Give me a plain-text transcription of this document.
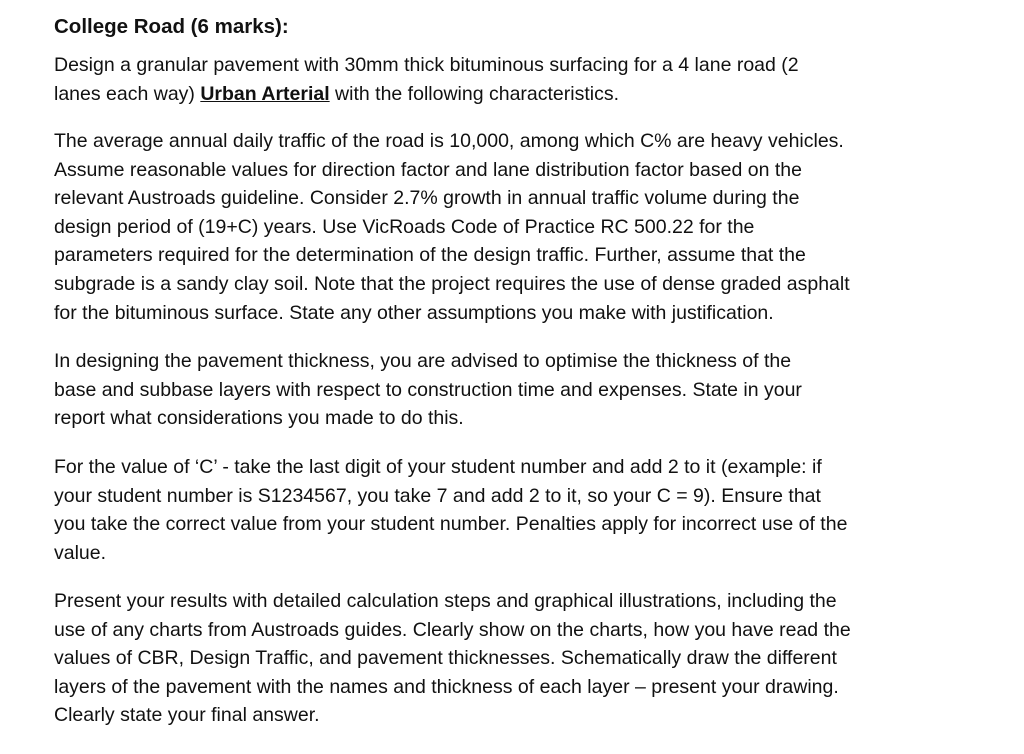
College Road (6 marks):

Design a granular pavement with 30mm thick bituminous surfacing for a 4 lane road (2
lanes each way) Urban Arterial with the following characteristics.

The average annual daily traffic of the road is 10,000, among which C% are heavy vehicles.
Assume reasonable values for direction factor and lane distribution factor based on the
relevant Austroads guideline. Consider 2.7% growth in annual traffic volume during the
design period of (19+C) years. Use VicRoads Code of Practice RC 500.22 for the
parameters required for the determination of the design traffic. Further, assume that the
subgrade is a sandy clay soil. Note that the project requires the use of dense graded asphalt
for the bituminous surface. State any other assumptions you make with justification.

In designing the pavement thickness, you are advised to optimise the thickness of the
base and subbase layers with respect to construction time and expenses. State in your
report what considerations you made to do this.

For the value of ‘C’ - take the last digit of your student number and add 2 to it (example: if
your student number is S1234567, you take 7 and add 2 to it, so your C = 9). Ensure that
you take the correct value from your student number. Penalties apply for incorrect use of the
value.

Present your results with detailed calculation steps and graphical illustrations, including the
use of any charts from Austroads guides. Clearly show on the charts, how you have read the
values of CBR, Design Traffic, and pavement thicknesses. Schematically draw the different
layers of the pavement with the names and thickness of each layer – present your drawing.
Clearly state your final answer.
